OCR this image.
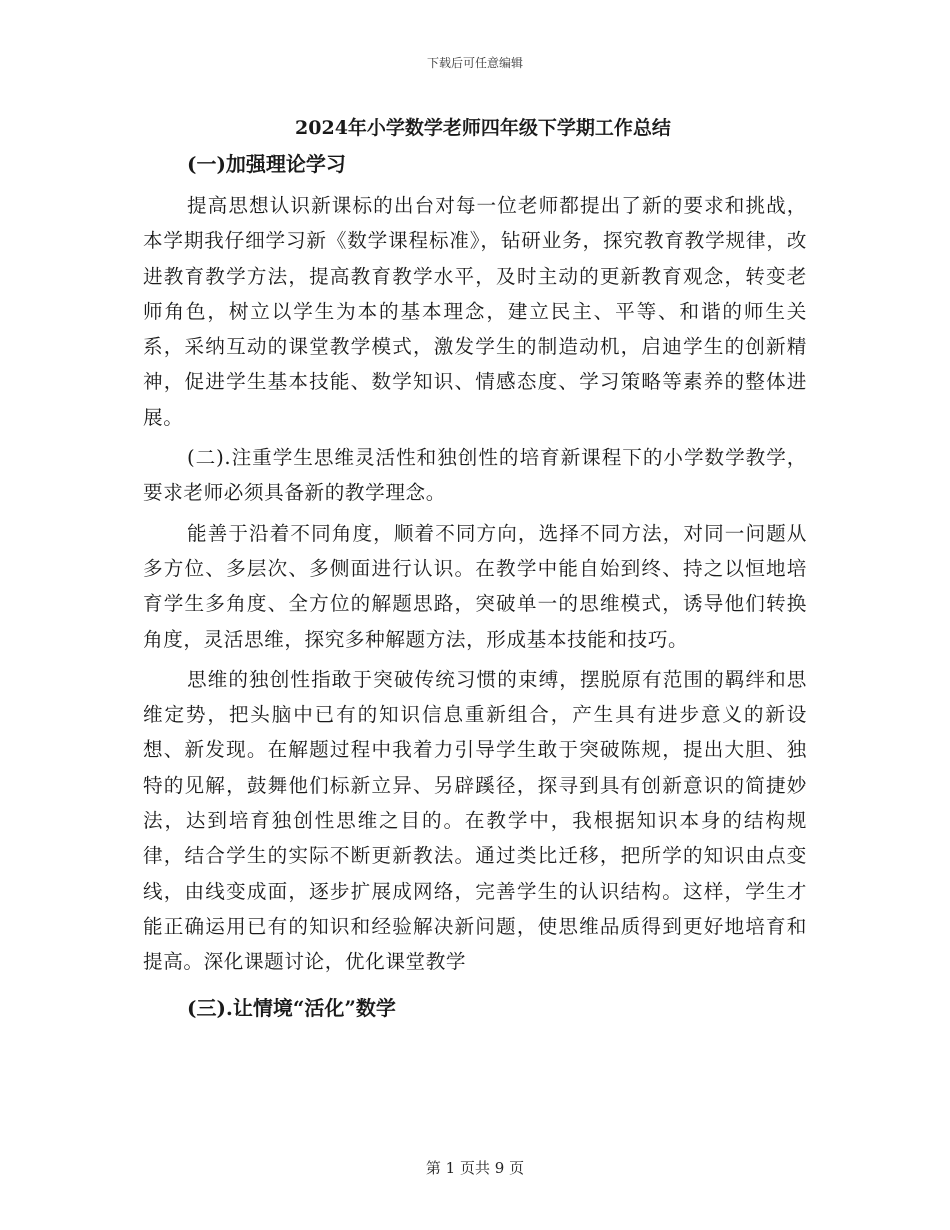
下载后可任意编辑
2024年小学数学老师四年级下学期工作总结
(一)加强理论学习
提高思想认识新课标的出台对每一位老师都提出了新的要求和挑战，本学期我仔细学习新《数学课程标准》，钻研业务，探究教育教学规律，改进教育教学方法，提高教育教学水平，及时主动的更新教育观念，转变老师角色，树立以学生为本的基本理念，建立民主、平等、和谐的师生关系，采纳互动的课堂教学模式，激发学生的制造动机，启迪学生的创新精神，促进学生基本技能、数学知识、情感态度、学习策略等素养的整体进展。
(二).注重学生思维灵活性和独创性的培育新课程下的小学数学教学，要求老师必须具备新的教学理念。
能善于沿着不同角度，顺着不同方向，选择不同方法，对同一问题从多方位、多层次、多侧面进行认识。在教学中能自始到终、持之以恒地培育学生多角度、全方位的解题思路，突破单一的思维模式，诱导他们转换角度，灵活思维，探究多种解题方法，形成基本技能和技巧。
思维的独创性指敢于突破传统习惯的束缚，摆脱原有范围的羁绊和思维定势，把头脑中已有的知识信息重新组合，产生具有进步意义的新设想、新发现。在解题过程中我着力引导学生敢于突破陈规，提出大胆、独特的见解，鼓舞他们标新立异、另辟蹊径，探寻到具有创新意识的简捷妙法，达到培育独创性思维之目的。在教学中，我根据知识本身的结构规律，结合学生的实际不断更新教法。通过类比迁移，把所学的知识由点变线，由线变成面，逐步扩展成网络，完善学生的认识结构。这样，学生才能正确运用已有的知识和经验解决新问题，使思维品质得到更好地培育和提高。深化课题讨论，优化课堂教学
(三).让情境“活化”数学
第 1 页共 9 页
